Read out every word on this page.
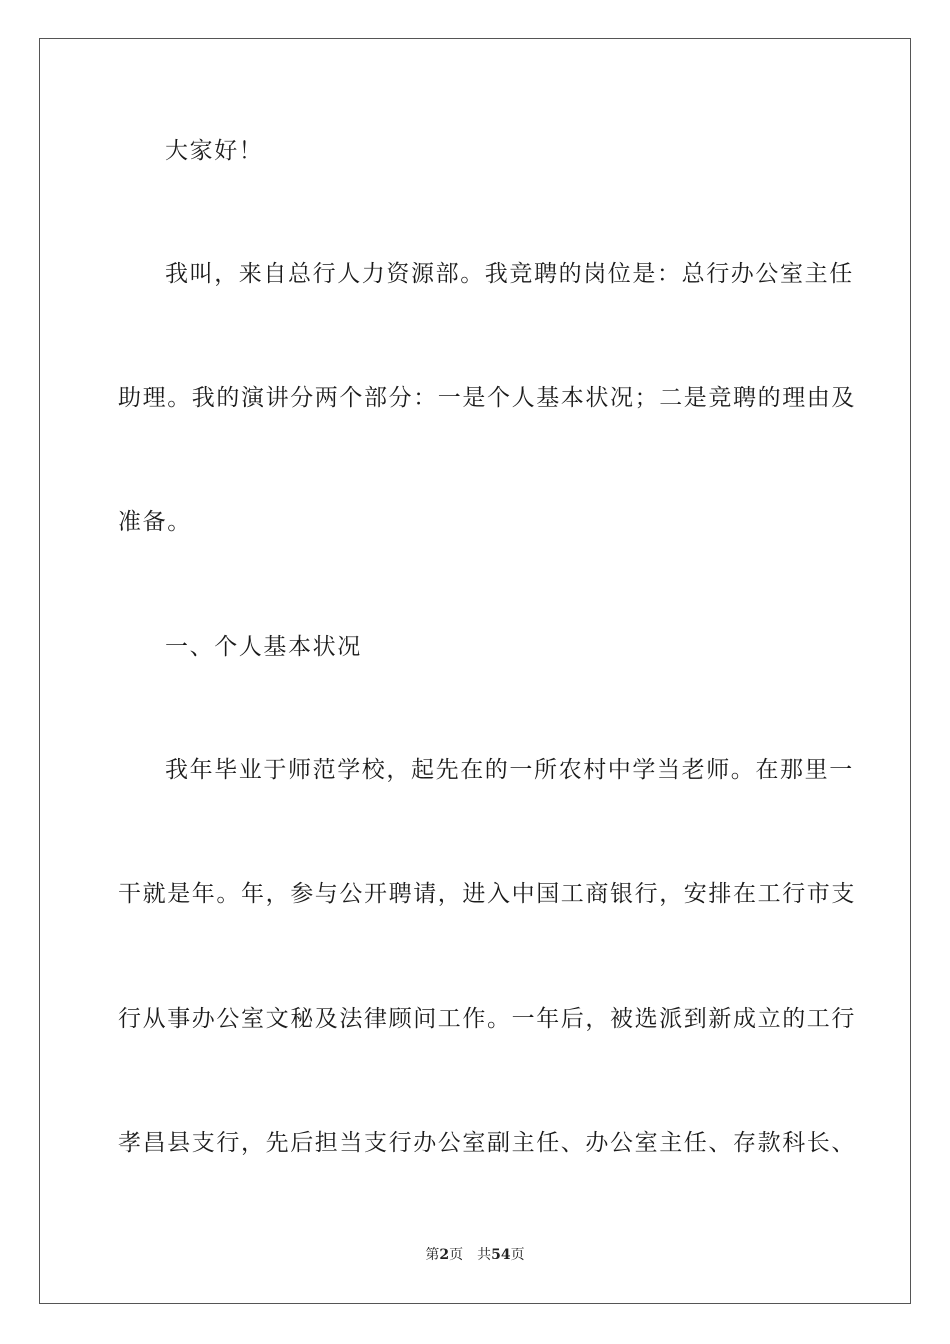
大家好！
我叫，来自总行人力资源部。我竞聘的岗位是：总行办公室主任
助理。我的演讲分两个部分：一是个人基本状况；二是竞聘的理由及
准备。
一、个人基本状况
我年毕业于师范学校，起先在的一所农村中学当老师。在那里一
干就是年。年，参与公开聘请，进入中国工商银行，安排在工行市支
行从事办公室文秘及法律顾问工作。一年后，被选派到新成立的工行
孝昌县支行，先后担当支行办公室副主任、办公室主任、存款科长、
第2页 共54页
